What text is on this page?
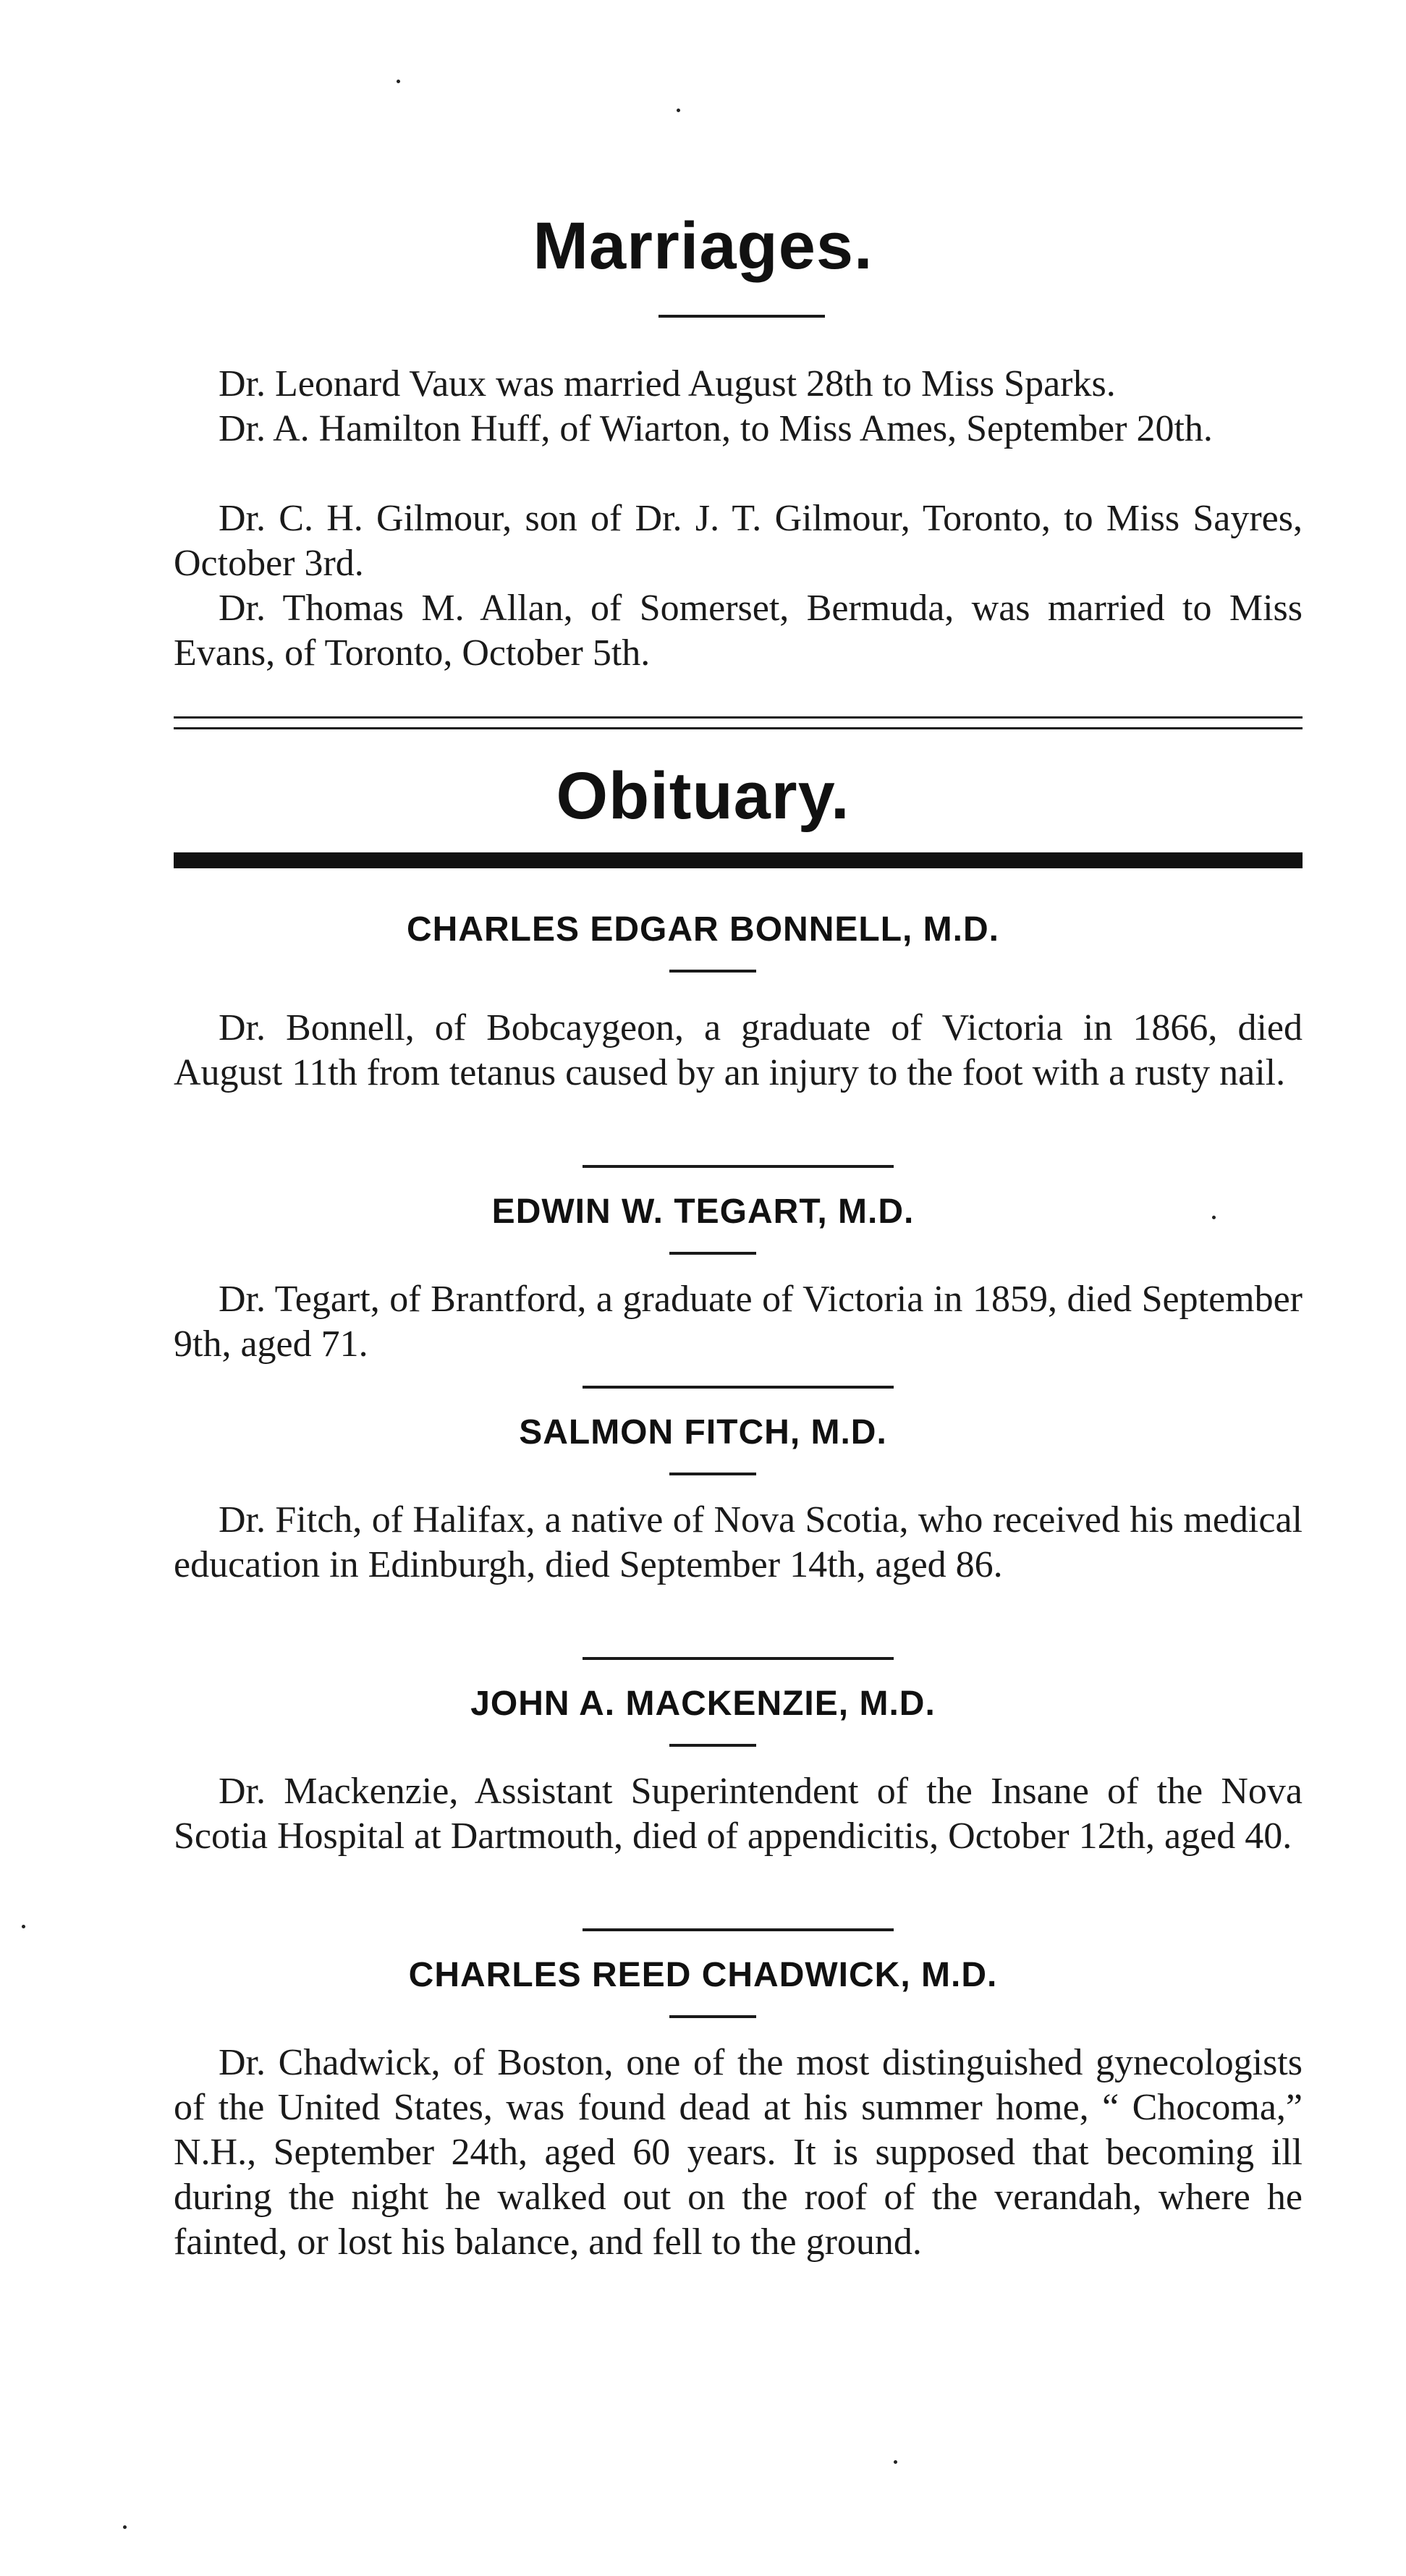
Marriages.

Dr. Leonard Vaux was married August 28th to Miss Sparks.

Dr. A. Hamilton Huff, of Wiarton, to Miss Ames, September 20th.

Dr. C. H. Gilmour, son of Dr. J. T. Gilmour, Toronto, to Miss Sayres, October 3rd.

Dr. Thomas M. Allan, of Somerset, Bermuda, was married to Miss Evans, of Toronto, October 5th.

Obituary.
CHARLES EDGAR BONNELL, M.D.

Dr. Bonnell, of Bobcaygeon, a graduate of Victoria in 1866, died August 11th from tetanus caused by an injury to the foot with a rusty nail.

EDWIN W. TEGART, M.D.

Dr. Tegart, of Brantford, a graduate of Victoria in 1859, died September 9th, aged 71.

SALMON FITCH, M.D.

Dr. Fitch, of Halifax, a native of Nova Scotia, who received his medical education in Edinburgh, died September 14th, aged 86.

JOHN A. MACKENZIE, M.D.

Dr. Mackenzie, Assistant Superintendent of the Insane of the Nova Scotia Hospital at Dartmouth, died of appendicitis, October 12th, aged 40.

CHARLES REED CHADWICK, M.D.

Dr. Chadwick, of Boston, one of the most distinguished gynecologists of the United States, was found dead at his summer home, “ Chocoma,” N.H., September 24th, aged 60 years. It is supposed that becoming ill during the night he walked out on the roof of the verandah, where he fainted, or lost his balance, and fell to the ground.
